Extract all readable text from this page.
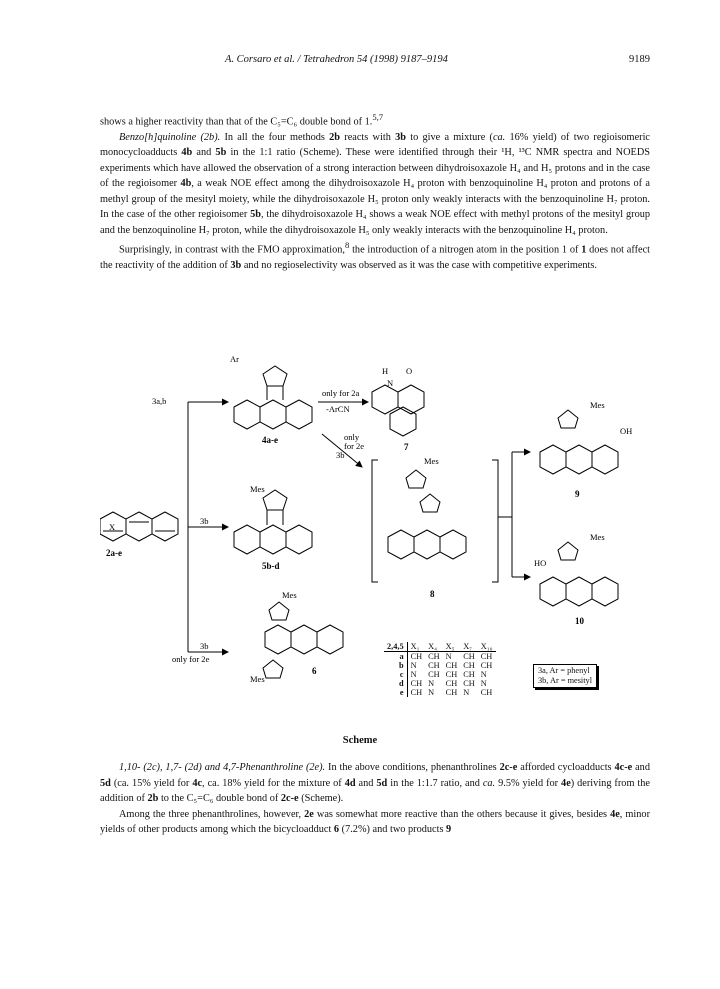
A. Corsaro et al. / Tetrahedron 54 (1998) 9187–9194	9189

shows a higher reactivity than that of the C₅=C₆ double bond of 1.$^{5,7}$

Benzo[h]quinoline (2b). In all the four methods 2b reacts with 3b to give a mixture (ca. 16% yield) of two regioisomeric monocycloadducts 4b and 5b in the 1:1 ratio (Scheme). These were identified through their ¹H, ¹³C NMR spectra and NOEDS experiments which have allowed the observation of a strong interaction between dihydroisoxazole H₄ and H₅ protons and in the case of the regioisomer 4b, a weak NOE effect among the dihydroisoxazole H₄ proton with benzoquinoline H₄ proton and protons of a methyl group of the mesityl moiety, while the dihydroisoxazole H₅ proton only weakly interacts with the benzoquinoline H₇ proton. In the case of the other regioisomer 5b, the dihydroisoxazole H₄ shows a weak NOE effect with methyl protons of the mesityl group and the benzoquinoline H₇ proton, while the dihydroisoxazole H₅ only weakly interacts with the benzoquinoline H₄ proton.

Surprisingly, in contrast with the FMO approximation,$^8$ the introduction of a nitrogen atom in the position 1 of 1 does not affect the reactivity of the addition of 3b and no regioselectivity was observed as it was the case with competitive experiments.

3a,b
only for 2a
-ArCN
only
for 2e
3b
3b
3b
only for 2e
Ar
Mes
Mes
Mes
Mes
Mes
Mes
OH
HO
H O
N
X
4a-e
5b-d
2a-e
7
8
9
10
6
2,4,5	X₁	X₄	X₅	X₇	X₁₀
a	CH	CH	N	CH	CH
b	N	CH	CH	CH	CH
c	N	CH	CH	CH	N
d	CH	N	CH	CH	N
e	CH	N	CH	N	CH
3a, Ar = phenyl
3b, Ar = mesityl
Scheme

1,10- (2c), 1,7- (2d) and 4,7-Phenanthroline (2e). In the above conditions, phenanthrolines 2c-e afforded cycloadducts 4c-e and 5d (ca. 15% yield for 4c, ca. 18% yield for the mixture of 4d and 5d in the 1:1.7 ratio, and ca. 9.5% yield for 4e) deriving from the addition of 2b to the C₅=C₆ double bond of 2c-e (Scheme).

Among the three phenanthrolines, however, 2e was somewhat more reactive than the others because it gives, besides 4e, minor yields of other products among which the bicycloadduct 6 (7.2%) and two products 9
